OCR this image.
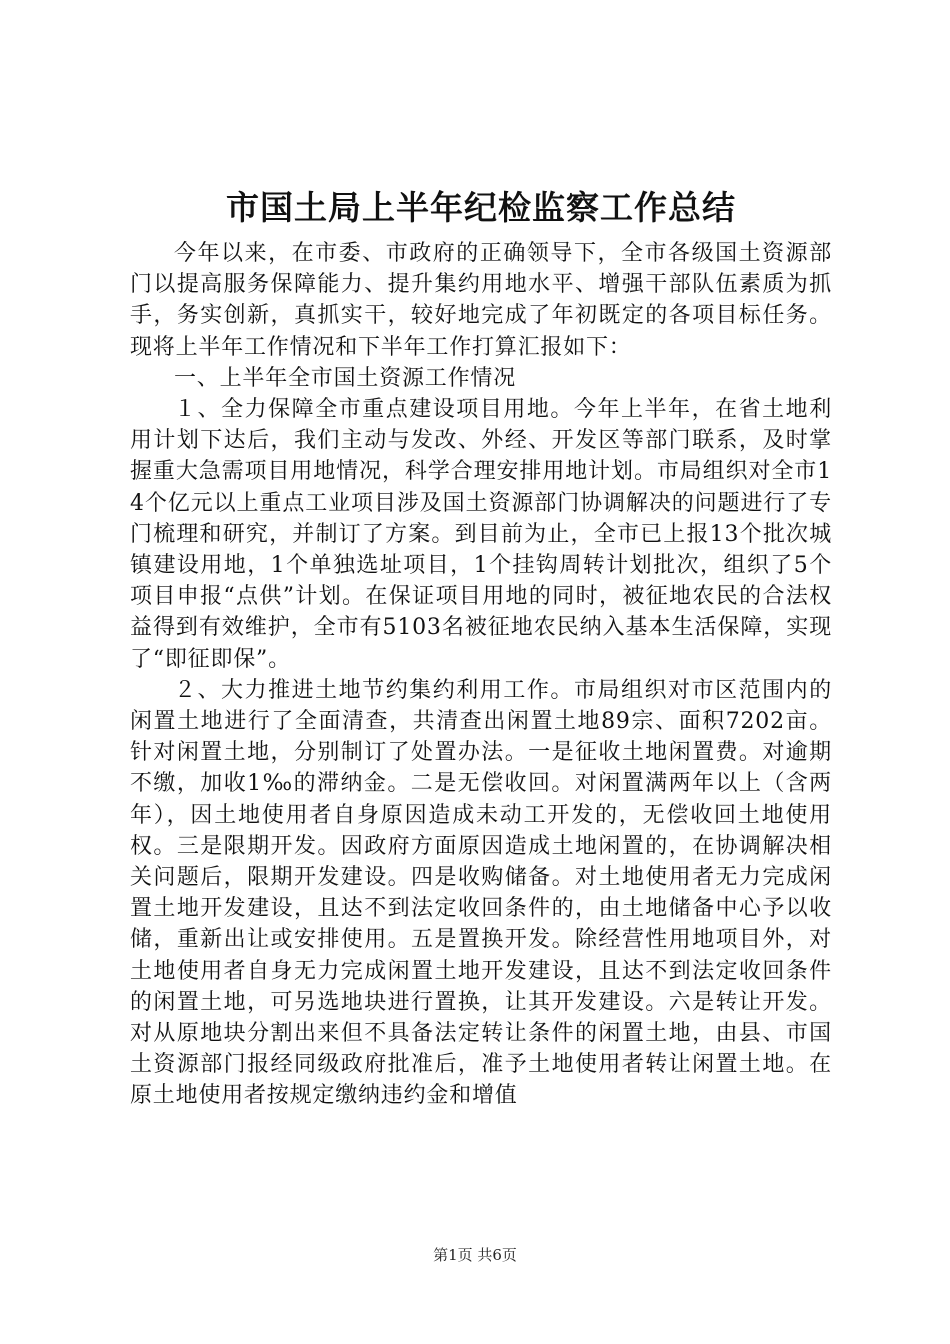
市国土局上半年纪检监察工作总结

今年以来，在市委、市政府的正确领导下，全市各级国土资源部门以提高服务保障能力、提升集约用地水平、增强干部队伍素质为抓手，务实创新，真抓实干，较好地完成了年初既定的各项目标任务。现将上半年工作情况和下半年工作打算汇报如下：

一、上半年全市国土资源工作情况

１、全力保障全市重点建设项目用地。今年上半年，在省土地利用计划下达后，我们主动与发改、外经、开发区等部门联系，及时掌握重大急需项目用地情况，科学合理安排用地计划。市局组织对全市14个亿元以上重点工业项目涉及国土资源部门协调解决的问题进行了专门梳理和研究，并制订了方案。到目前为止，全市已上报13个批次城镇建设用地，1个单独选址项目，1个挂钩周转计划批次，组织了5个项目申报“点供”计划。在保证项目用地的同时，被征地农民的合法权益得到有效维护，全市有5103名被征地农民纳入基本生活保障，实现了“即征即保”。

２、大力推进土地节约集约利用工作。市局组织对市区范围内的闲置土地进行了全面清查，共清查出闲置土地89宗、面积7202亩。针对闲置土地，分别制订了处置办法。一是征收土地闲置费。对逾期不缴，加收1‰的滞纳金。二是无偿收回。对闲置满两年以上（含两年），因土地使用者自身原因造成未动工开发的，无偿收回土地使用权。三是限期开发。因政府方面原因造成土地闲置的，在协调解决相关问题后，限期开发建设。四是收购储备。对土地使用者无力完成闲置土地开发建设，且达不到法定收回条件的，由土地储备中心予以收储，重新出让或安排使用。五是置换开发。除经营性用地项目外，对土地使用者自身无力完成闲置土地开发建设，且达不到法定收回条件的闲置土地，可另选地块进行置换，让其开发建设。六是转让开发。对从原地块分割出来但不具备法定转让条件的闲置土地，由县、市国土资源部门报经同级政府批准后，准予土地使用者转让闲置土地。在原土地使用者按规定缴纳违约金和增值

第1页 共6页
